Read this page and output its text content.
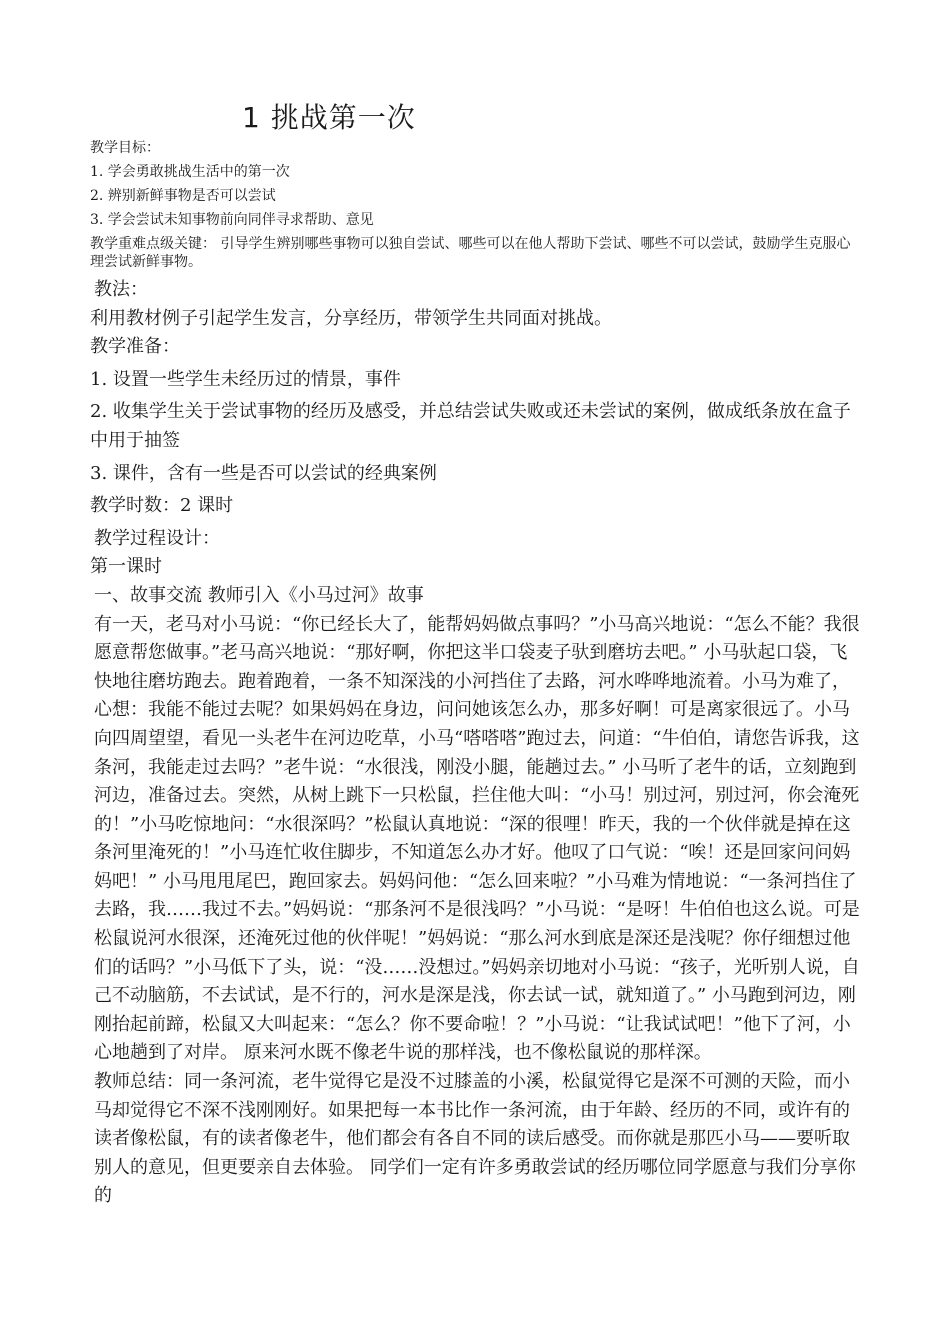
1 挑战第一次

教学目标：

1. 学会勇敢挑战生活中的第一次

2. 辨别新鲜事物是否可以尝试

3. 学会尝试未知事物前向同伴寻求帮助、意见

教学重难点级关键： 引导学生辨别哪些事物可以独自尝试、哪些可以在他人帮助下尝试、哪些不可以尝试，鼓励学生克服心理尝试新鲜事物。

教法：

利用教材例子引起学生发言，分享经历，带领学生共同面对挑战。

教学准备：

1. 设置一些学生未经历过的情景，事件

2. 收集学生关于尝试事物的经历及感受，并总结尝试失败或还未尝试的案例，做成纸条放在盒子中用于抽签

3. 课件，含有一些是否可以尝试的经典案例

教学时数：2 课时

教学过程设计：

第一课时

一、故事交流 教师引入《小马过河》故事

有一天，老马对小马说：“你已经长大了，能帮妈妈做点事吗？”小马高兴地说：“怎么不能？我很愿意帮您做事。”老马高兴地说：“那好啊，你把这半口袋麦子驮到磨坊去吧。” 小马驮起口袋，飞快地往磨坊跑去。跑着跑着，一条不知深浅的小河挡住了去路，河水哗哗地流着。小马为难了，心想：我能不能过去呢？如果妈妈在身边，问问她该怎么办，那多好啊！可是离家很远了。小马向四周望望，看见一头老牛在河边吃草，小马“嗒嗒嗒”跑过去，问道：“牛伯伯，请您告诉我，这条河，我能走过去吗？”老牛说：“水很浅，刚没小腿，能趟过去。” 小马听了老牛的话，立刻跑到河边，准备过去。突然，从树上跳下一只松鼠，拦住他大叫：“小马！别过河，别过河，你会淹死的！”小马吃惊地问：“水很深吗？”松鼠认真地说：“深的很哩！昨天，我的一个伙伴就是掉在这条河里淹死的！”小马连忙收住脚步，不知道怎么办才好。他叹了口气说：“唉！还是回家问问妈妈吧！” 小马甩甩尾巴，跑回家去。妈妈问他：“怎么回来啦？”小马难为情地说：“一条河挡住了去路，我……我过不去。”妈妈说：“那条河不是很浅吗？”小马说：“是呀！牛伯伯也这么说。可是松鼠说河水很深，还淹死过他的伙伴呢！”妈妈说：“那么河水到底是深还是浅呢？你仔细想过他们的话吗？”小马低下了头，说：“没……没想过。”妈妈亲切地对小马说：“孩子，光听别人说，自己不动脑筋，不去试试，是不行的，河水是深是浅，你去试一试，就知道了。” 小马跑到河边，刚刚抬起前蹄，松鼠又大叫起来：“怎么？你不要命啦！？”小马说：“让我试试吧！”他下了河，小心地趟到了对岸。 原来河水既不像老牛说的那样浅，也不像松鼠说的那样深。

教师总结：同一条河流，老牛觉得它是没不过膝盖的小溪，松鼠觉得它是深不可测的天险，而小马却觉得它不深不浅刚刚好。如果把每一本书比作一条河流，由于年龄、经历的不同，或许有的读者像松鼠，有的读者像老牛，他们都会有各自不同的读后感受。而你就是那匹小马——要听取别人的意见，但更要亲自去体验。 同学们一定有许多勇敢尝试的经历哪位同学愿意与我们分享你的
